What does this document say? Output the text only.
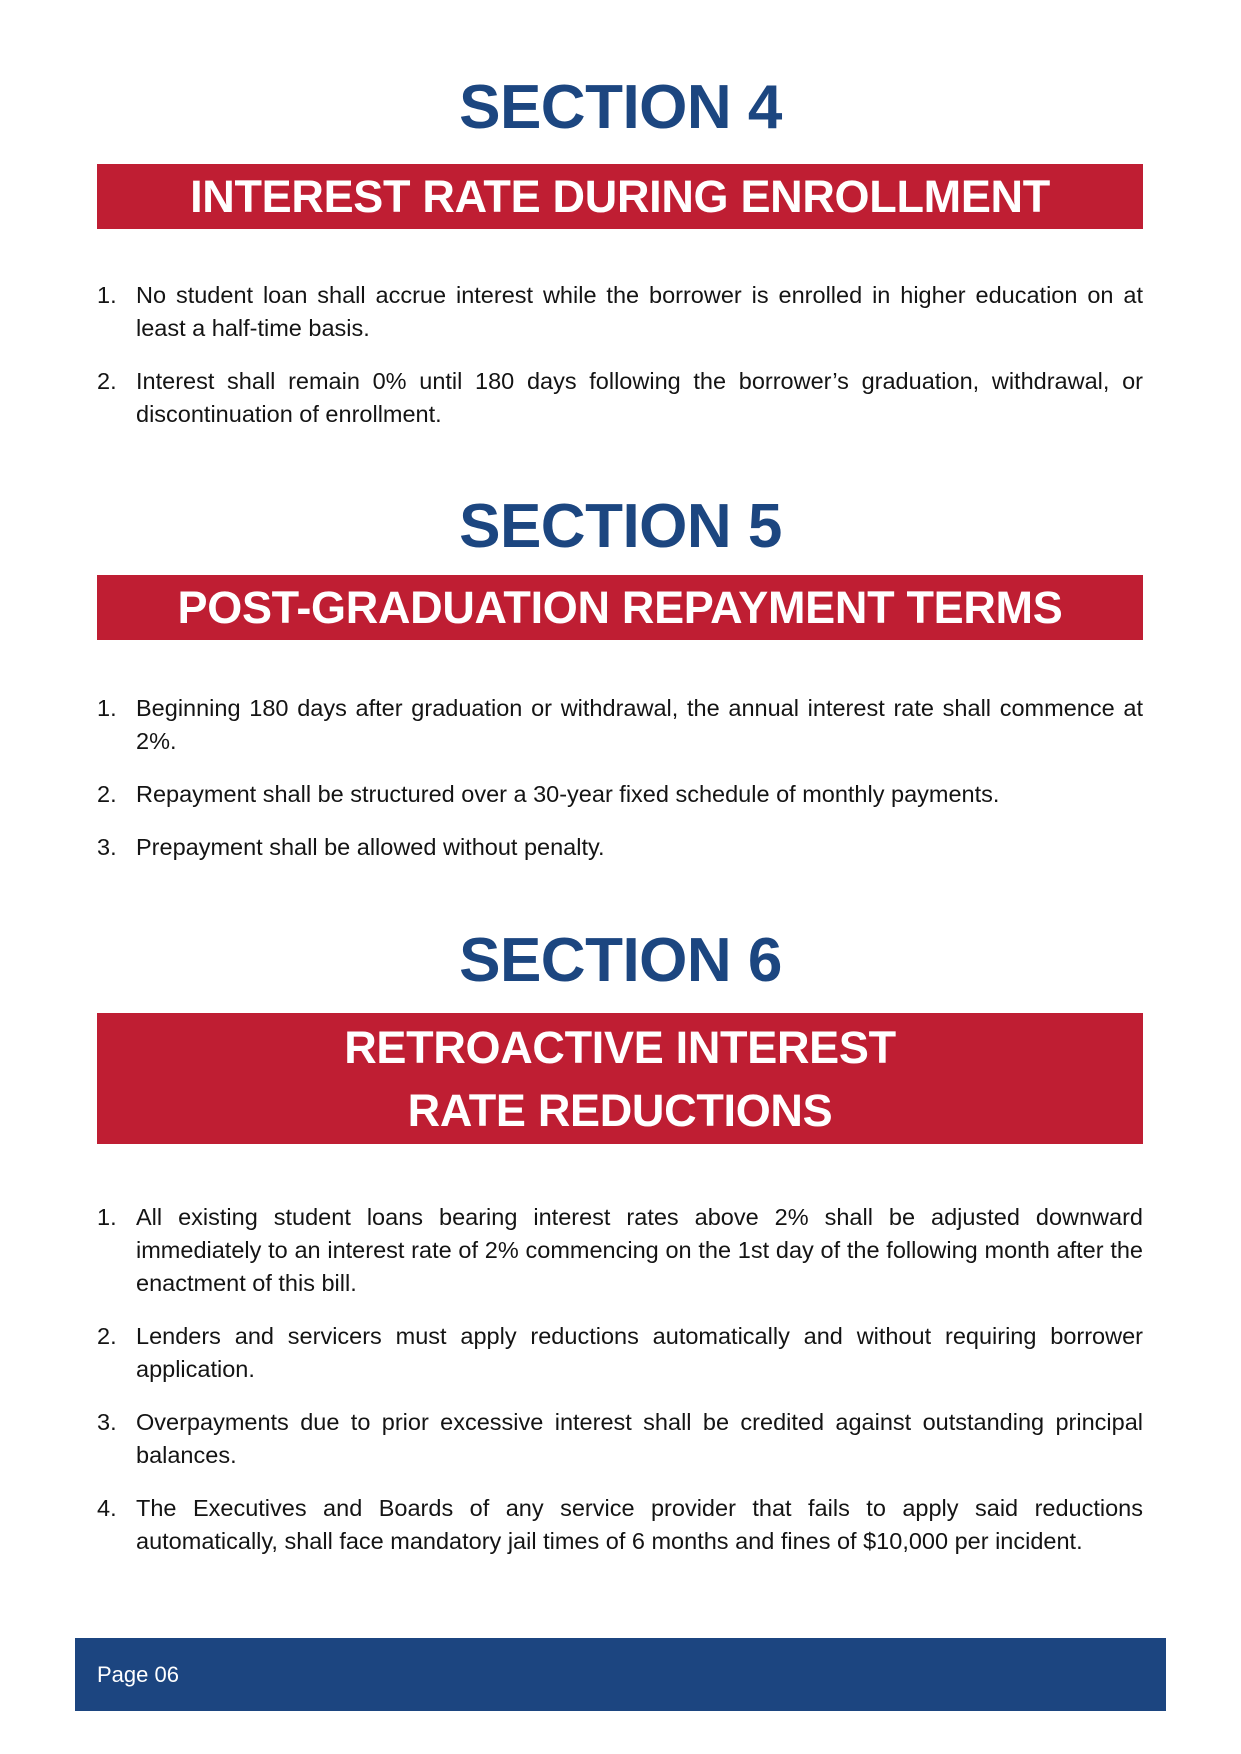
SECTION 4
INTEREST RATE DURING ENROLLMENT
1. No student loan shall accrue interest while the borrower is enrolled in higher education on at least a half-time basis.
2. Interest shall remain 0% until 180 days following the borrower’s graduation, withdrawal, or discontinuation of enrollment.
SECTION 5
POST-GRADUATION REPAYMENT TERMS
1. Beginning 180 days after graduation or withdrawal, the annual interest rate shall commence at 2%.
2. Repayment shall be structured over a 30-year fixed schedule of monthly payments.
3. Prepayment shall be allowed without penalty.
SECTION 6
RETROACTIVE INTEREST
RATE REDUCTIONS
1. All existing student loans bearing interest rates above 2% shall be adjusted downward immediately to an interest rate of 2% commencing on the 1st day of the following month after the enactment of this bill.
2. Lenders and servicers must apply reductions automatically and without requiring borrower application.
3. Overpayments due to prior excessive interest shall be credited against outstanding principal balances.
4. The Executives and Boards of any service provider that fails to apply said reductions automatically, shall face mandatory jail times of 6 months and fines of $10,000 per incident.
Page 06
